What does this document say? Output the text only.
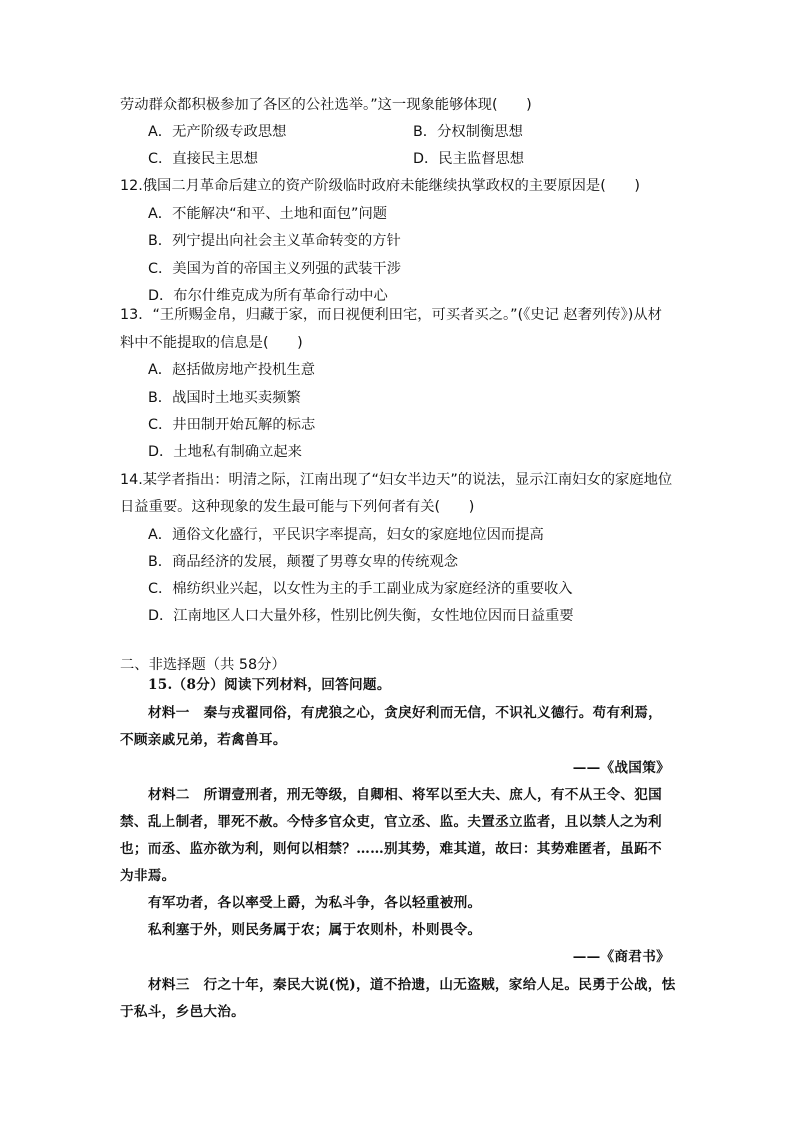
劳动群众都积极参加了各区的公社选举。”这一现象能够体现(　　)
A．无产阶级专政思想	B．分权制衡思想
C．直接民主思想	D．民主监督思想
12.俄国二月革命后建立的资产阶级临时政府未能继续执掌政权的主要原因是(　　)
A．不能解决“和平、土地和面包”问题
B．列宁提出向社会主义革命转变的方针
C．美国为首的帝国主义列强的武装干涉
D．布尔什维克成为所有革命行动中心
13．“王所赐金帛，归藏于家，而日视便利田宅，可买者买之。”(《史记 赵奢列传》)从材
料中不能提取的信息是(　　)
A．赵括做房地产投机生意
B．战国时土地买卖频繁
C．井田制开始瓦解的标志
D．土地私有制确立起来
14.某学者指出：明清之际，江南出现了“妇女半边天”的说法，显示江南妇女的家庭地位
日益重要。这种现象的发生最可能与下列何者有关(　　)
A．通俗文化盛行，平民识字率提高，妇女的家庭地位因而提高
B．商品经济的发展，颠覆了男尊女卑的传统观念
C．棉纺织业兴起，以女性为主的手工副业成为家庭经济的重要收入
D．江南地区人口大量外移，性别比例失衡，女性地位因而日益重要
二、非选择题（共 58分）
15.（8分）阅读下列材料，回答问题。
材料一　秦与戎翟同俗，有虎狼之心，贪戾好利而无信，不识礼义德行。苟有利焉，
不顾亲戚兄弟，若禽兽耳。
——《战国策》
材料二　所谓壹刑者，刑无等级，自卿相、将军以至大夫、庶人，有不从王令、犯国
禁、乱上制者，罪死不赦。今恃多官众吏，官立丞、监。夫置丞立监者，且以禁人之为利
也；而丞、监亦欲为利，则何以相禁？……别其势，难其道，故曰：其势难匿者，虽跖不
为非焉。
有军功者，各以率受上爵，为私斗争，各以轻重被刑。
私利塞于外，则民务属于农；属于农则朴，朴则畏令。
——《商君书》
材料三　行之十年，秦民大说(悦)，道不拾遗，山无盗贼，家给人足。民勇于公战，怯
于私斗，乡邑大治。
